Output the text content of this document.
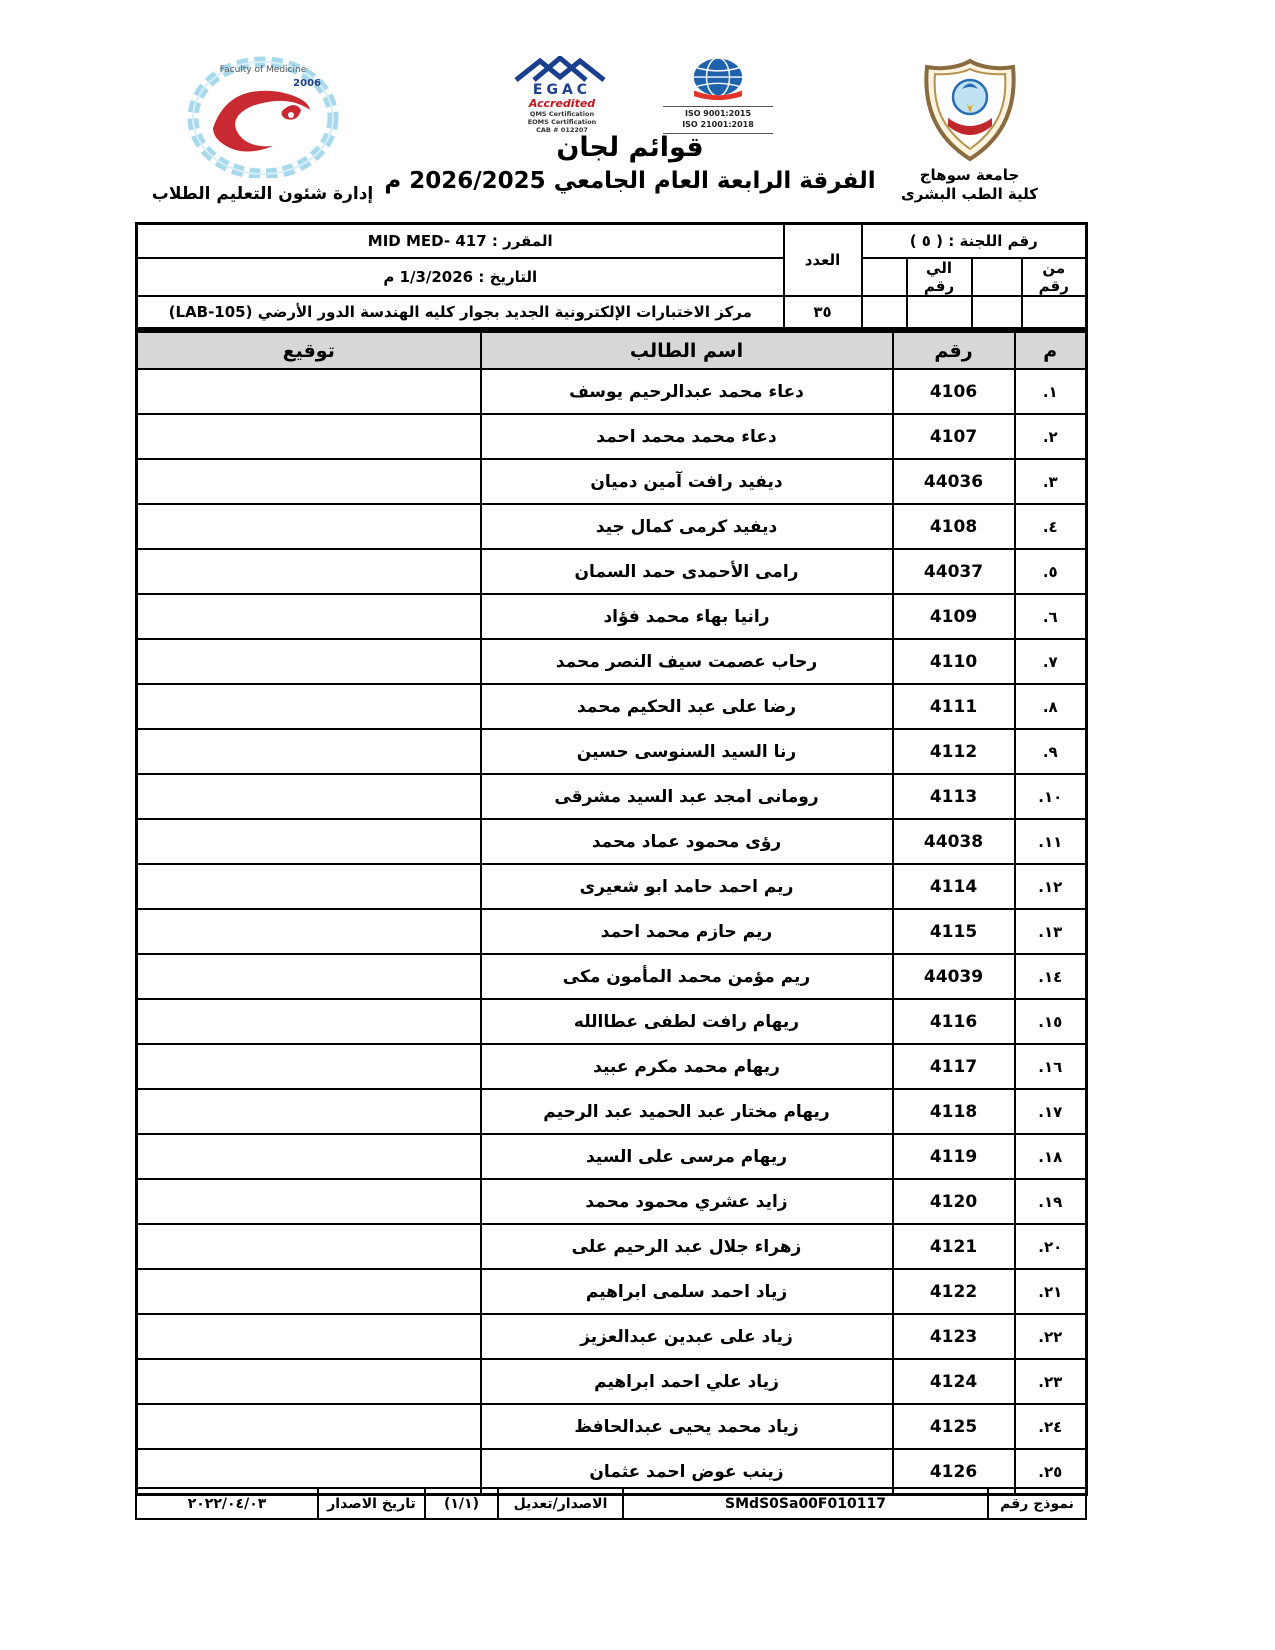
جامعة سوهاج
كلية الطب البشرى
EGAC
Accredited
QMS Certification
EOMS Certification
CAB # 012207
ISO 9001:2015
ISO 21001:2018
قوائم لجان
الفرقة الرابعة العام الجامعي 2026/2025 م
Faculty of Medicine
2006
إدارة شئون التعليم الطلاب
رقم اللجنة : ( ٥ )				العدد	المقرر : MID MED- 417
من رقم		الي رقم			التاريخ : 1/3/2026 م
				٣٥	مركز الاختبارات الإلكترونية الجديد بجوار كليه الهندسة الدور الأرضي (LAB-105)
م	رقم	اسم الطالب	توقيع
١.	4106	دعاء محمد عبدالرحيم يوسف	
٢.	4107	دعاء محمد محمد احمد	
٣.	44036	ديفيد رافت آمين دميان	
٤.	4108	ديفيد كرمى كمال جيد	
٥.	44037	رامى الأحمدى حمد السمان	
٦.	4109	رانيا بهاء محمد فؤاد	
٧.	4110	رحاب عصمت سيف النصر محمد	
٨.	4111	رضا على عبد الحكيم محمد	
٩.	4112	رنا السيد السنوسى حسين	
١٠.	4113	رومانى امجد عبد السيد مشرقى	
١١.	44038	رؤى محمود عماد محمد	
١٢.	4114	ريم احمد حامد ابو شعيرى	
١٣.	4115	ريم حازم محمد احمد	
١٤.	44039	ريم مؤمن محمد المأمون مكى	
١٥.	4116	ريهام رافت لطفى عطاالله	
١٦.	4117	ريهام محمد مكرم عبيد	
١٧.	4118	ريهام مختار عبد الحميد عبد الرحيم	
١٨.	4119	ريهام مرسى على السيد	
١٩.	4120	زايد عشري محمود محمد	
٢٠.	4121	زهراء جلال عبد الرحيم على	
٢١.	4122	زياد احمد سلمى ابراهيم	
٢٢.	4123	زياد على عبدين عبدالعزيز	
٢٣.	4124	زياد علي احمد ابراهيم	
٢٤.	4125	زياد محمد يحيى عبدالحافظ	
٢٥.	4126	زينب عوض احمد عثمان	
نموذج رقم	SMdS0Sa00F010117	الاصدار/تعديل	(١/١)	تاريخ الاصدار	٢٠٢٢/٠٤/٠٣
